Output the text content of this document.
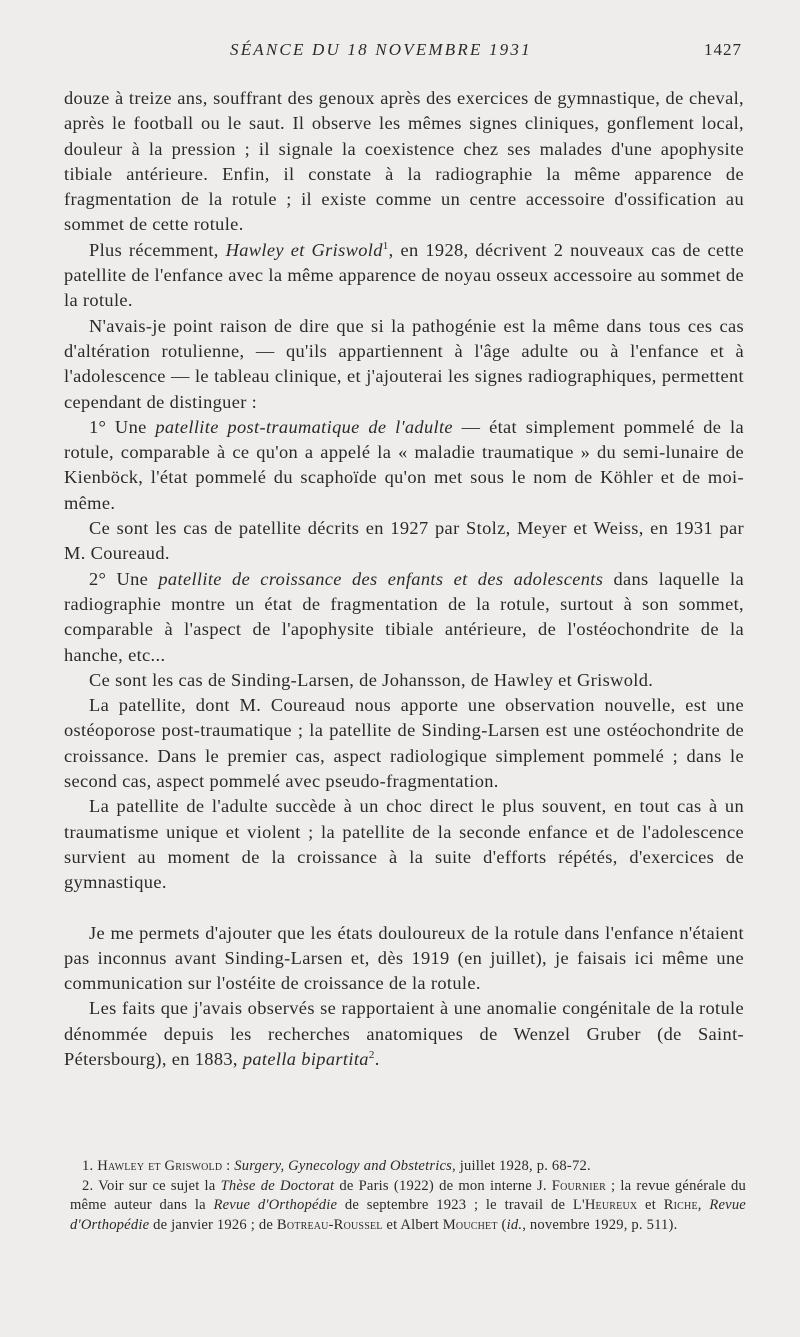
SÉANCE DU 18 NOVEMBRE 1931	1427

douze à treize ans, souffrant des genoux après des exercices de gymnastique, de cheval, après le football ou le saut. Il observe les mêmes signes cliniques, gonflement local, douleur à la pression ; il signale la coexistence chez ses malades d'une apophysite tibiale antérieure. Enfin, il constate à la radiographie la même apparence de fragmentation de la rotule ; il existe comme un centre accessoire d'ossification au sommet de cette rotule.

Plus récemment, Hawley et Griswold$^1$, en 1928, décrivent 2 nouveaux cas de cette patellite de l'enfance avec la même apparence de noyau osseux accessoire au sommet de la rotule.

N'avais-je point raison de dire que si la pathogénie est la même dans tous ces cas d'altération rotulienne, — qu'ils appartiennent à l'âge adulte ou à l'enfance et à l'adolescence — le tableau clinique, et j'ajouterai les signes radiographiques, permettent cependant de distinguer :

1° Une patellite post-traumatique de l'adulte — état simplement pommelé de la rotule, comparable à ce qu'on a appelé la « maladie traumatique » du semi-lunaire de Kienböck, l'état pommelé du scaphoïde qu'on met sous le nom de Köhler et de moi-même.

Ce sont les cas de patellite décrits en 1927 par Stolz, Meyer et Weiss, en 1931 par M. Coureaud.

2° Une patellite de croissance des enfants et des adolescents dans laquelle la radiographie montre un état de fragmentation de la rotule, surtout à son sommet, comparable à l'aspect de l'apophysite tibiale antérieure, de l'ostéochondrite de la hanche, etc...

Ce sont les cas de Sinding-Larsen, de Johansson, de Hawley et Griswold.

La patellite, dont M. Coureaud nous apporte une observation nouvelle, est une ostéoporose post-traumatique ; la patellite de Sinding-Larsen est une ostéochondrite de croissance. Dans le premier cas, aspect radiologique simplement pommelé ; dans le second cas, aspect pommelé avec pseudo-fragmentation.

La patellite de l'adulte succède à un choc direct le plus souvent, en tout cas à un traumatisme unique et violent ; la patellite de la seconde enfance et de l'adolescence survient au moment de la croissance à la suite d'efforts répétés, d'exercices de gymnastique.

Je me permets d'ajouter que les états douloureux de la rotule dans l'enfance n'étaient pas inconnus avant Sinding-Larsen et, dès 1919 (en juillet), je faisais ici même une communication sur l'ostéite de croissance de la rotule.

Les faits que j'avais observés se rapportaient à une anomalie congénitale de la rotule dénommée depuis les recherches anatomiques de Wenzel Gruber (de Saint-Pétersbourg), en 1883, patella bipartita$^2$.

1. Hawley et Griswold : Surgery, Gynecology and Obstetrics, juillet 1928, p. 68-72.

2. Voir sur ce sujet la Thèse de Doctorat de Paris (1922) de mon interne J. Fournier ; la revue générale du même auteur dans la Revue d'Orthopédie de septembre 1923 ; le travail de L'Heureux et Riche, Revue d'Orthopédie de janvier 1926 ; de Botreau-Roussel et Albert Mouchet (id., novembre 1929, p. 511).
